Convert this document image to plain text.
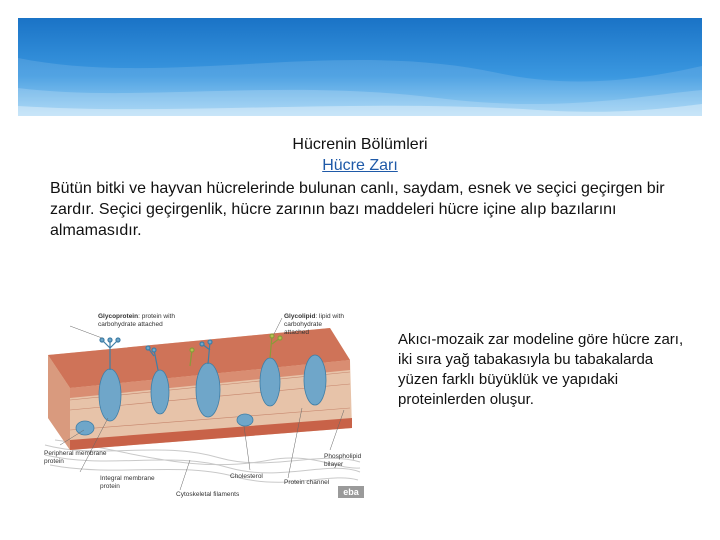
Hücrenin Bölümleri
Hücre Zarı
Bütün bitki ve hayvan hücrelerinde bulunan canlı, saydam, esnek ve seçici geçirgen bir zardır. Seçici geçirgenlik, hücre zarının bazı maddeleri hücre içine alıp bazılarını almamasıdır.
Glycoprotein: protein with
carbohydrate attached
Glycolipid: lipid with
carbohydrate
attached
Peripheral membrane
protein
Integral membrane
protein
Cholesterol
Cytoskeletal filaments
Protein channel
Phospholipid
bilayer
eba
Akıcı-mozaik zar modeline göre hücre zarı, iki sıra yağ tabakasıyla bu tabakalarda yüzen farklı büyüklük ve yapıdaki proteinlerden oluşur.
